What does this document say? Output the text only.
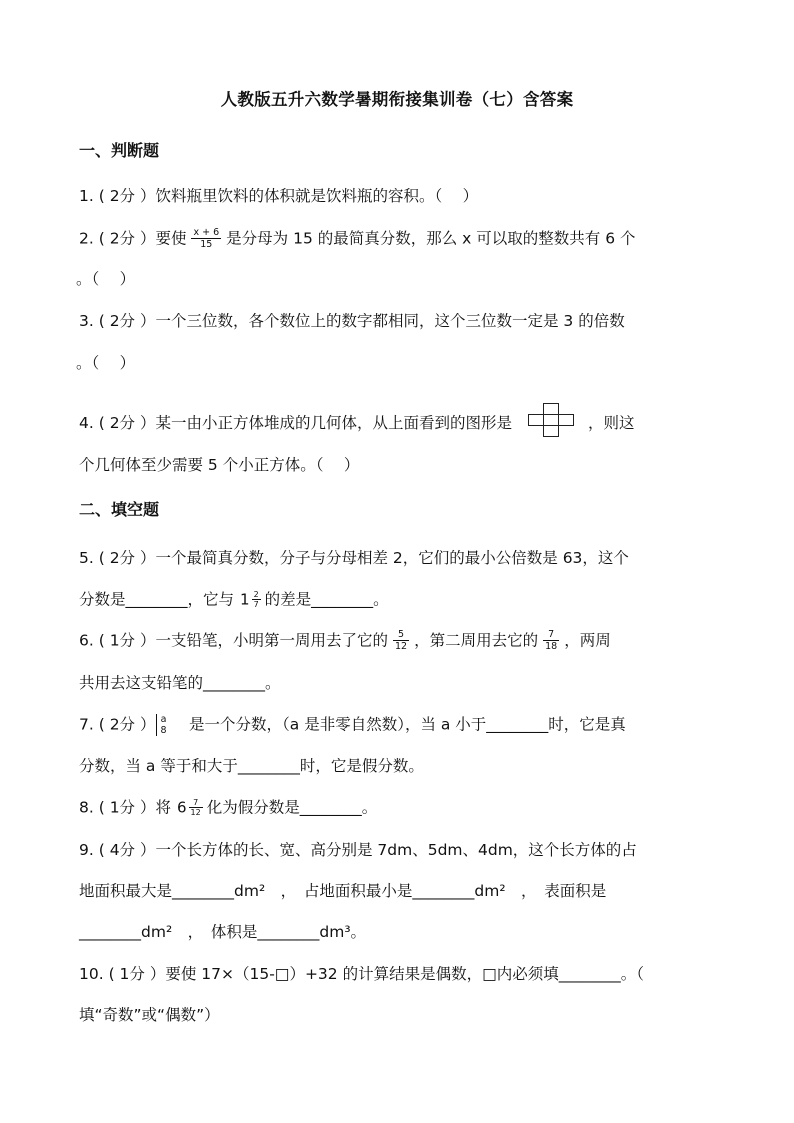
人教版五升六数学暑期衔接集训卷（七）含答案
一、判断题
1. ( 2分 ）饮料瓶里饮料的体积就是饮料瓶的容积。（　 ）
2. ( 2分 ）要使 $\frac{x + 6}{15}$ 是分母为 15 的最简真分数，那么 x 可以取的整数共有 6 个
。（　 ）
3. ( 2分 ）一个三位数，各个数位上的数字都相同，这个三位数一定是 3 的倍数
。（　 ）
4. ( 2分 ）某一由小正方体堆成的几何体，从上面看到的图形是	，则这
个几何体至少需要 5 个小正方体。（　 ）
二、填空题
5. ( 2分 ）一个最简真分数，分子与分母相差 2，它们的最小公倍数是 63，这个
分数是________，它与 $1 \frac{2}{7}$ 的差是________。
6. ( 1分 ）一支铅笔，小明第一周用去了它的 $\frac{5}{12}$ ，第二周用去它的 $\frac{7}{18}$ ，两周
共用去这支铅笔的________。
7. ( 2分 ） a
8 　是一个分数，（a 是非零自然数），当 a 小于________时，它是真
分数，当 a 等于和大于________时，它是假分数。
8. ( 1分 ）将 $6 \frac{7}{12}$ 化为假分数是________。
9. ( 4分 ）一个长方体的长、宽、高分别是 7dm、5dm、4dm，这个长方体的占
地面积最大是________dm²　，　占地面积最小是________dm²　，　表面积是
________dm²　，　体积是________dm³。
10. ( 1分 ）要使 17×（15-□）+32 的计算结果是偶数，□内必须填________。（
填“奇数”或“偶数”）
